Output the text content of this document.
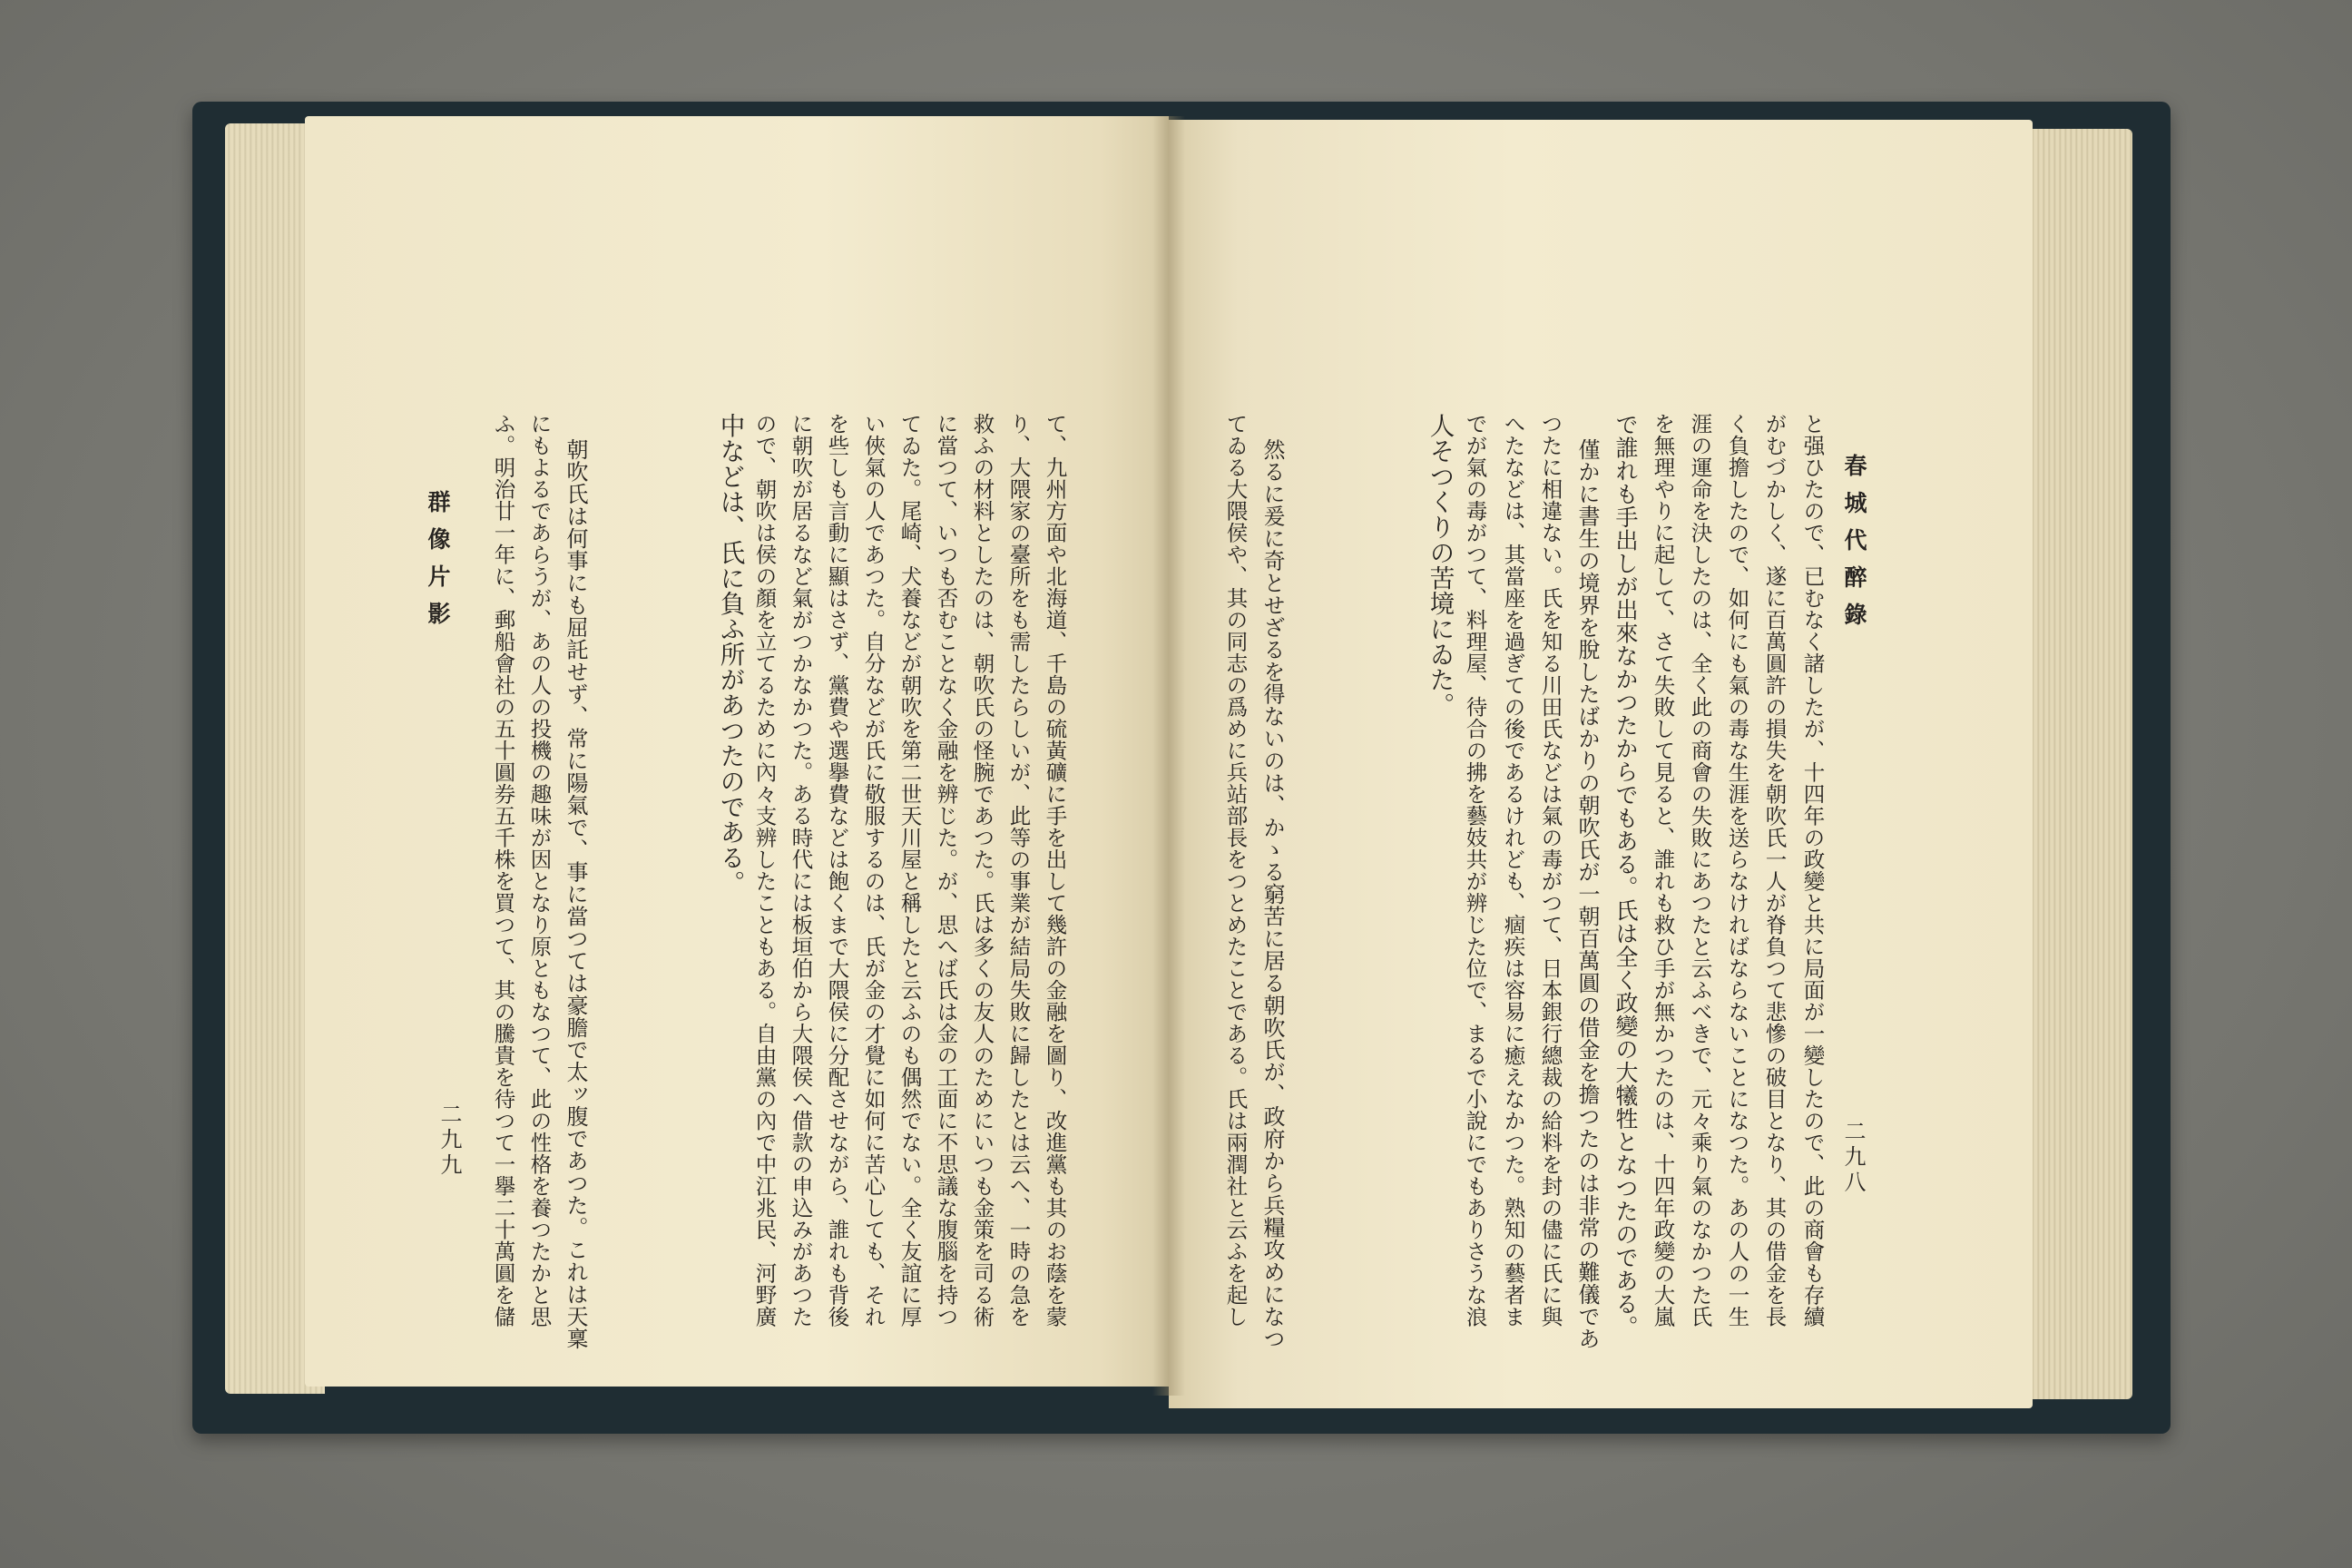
春城代醉錄
二九八
と强ひたので、已むなく諸したが、十四年の政變と共に局面が一變したので、此の商會も存續
がむづかしく、遂に百萬圓許の損失を朝吹氏一人が脊負つて悲慘の破目となり、其の借金を長
く負擔したので、如何にも氣の毒な生涯を送らなければならないことになつた。あの人の一生
涯の運命を決したのは、全く此の商會の失敗にあつたと云ふべきで、元々乘り氣のなかつた氏
を無理やりに起して、さて失敗して見ると、誰れも救ひ手が無かつたのは、十四年政變の大嵐
で誰れも手出しが出來なかつたからでもある。氏は全く政變の大犧牲となつたのである。
僅かに書生の境界を脫したばかりの朝吹氏が一朝百萬圓の借金を擔つたのは非常の難儀であ
つたに相違ない。氏を知る川田氏などは氣の毒がつて、日本銀行總裁の給料を封の儘に氏に與
へたなどは、其當座を過ぎての後であるけれども、痼疾は容易に癒えなかつた。熟知の藝者ま
でが氣の毒がつて、料理屋、待合の拂を藝妓共が辨じた位で、まるで小說にでもありさうな浪
人そつくりの苦境にゐた。
然るに爰に奇とせざるを得ないのは、かゝる窮苦に居る朝吹氏が、政府から兵糧攻めになつ
てゐる大隈侯や、其の同志の爲めに兵站部長をつとめたことである。氏は兩潤社と云ふを起し
て、九州方面や北海道、千島の硫黃礦に手を出して幾許の金融を圖り、改進黨も其のお蔭を蒙
り、大隈家の臺所をも需したらしいが、此等の事業が結局失敗に歸したとは云へ、一時の急を
救ふの材料としたのは、朝吹氏の怪腕であつた。氏は多くの友人のためにいつも金策を司る術
に當つて、いつも否むことなく金融を辨じた。が、思へば氏は金の工面に不思議な腹腦を持つ
てゐた。尾崎、犬養などが朝吹を第二世天川屋と稱したと云ふのも偶然でない。全く友誼に厚
い俠氣の人であつた。自分などが氏に敬服するのは、氏が金の才覺に如何に苦心しても、それ
を些しも言動に顯はさず、黨費や選擧費などは飽くまで大隈侯に分配させながら、誰れも背後
に朝吹が居るなど氣がつかなかつた。ある時代には板垣伯から大隈侯へ借款の申込みがあつた
ので、朝吹は侯の顏を立てるために內々支辨したこともある。自由黨の內で中江兆民、河野廣
中などは、氏に負ふ所があつたのである。
朝吹氏は何事にも屈託せず、常に陽氣で、事に當つては豪膽で太ッ腹であつた。これは天稟
にもよるであらうが、あの人の投機の趣味が因となり原ともなつて、此の性格を養つたかと思
ふ。明治廿一年に、郵船會社の五十圓券五千株を買つて、其の騰貴を待つて一擧二十萬圓を儲
群像片影
二九九
